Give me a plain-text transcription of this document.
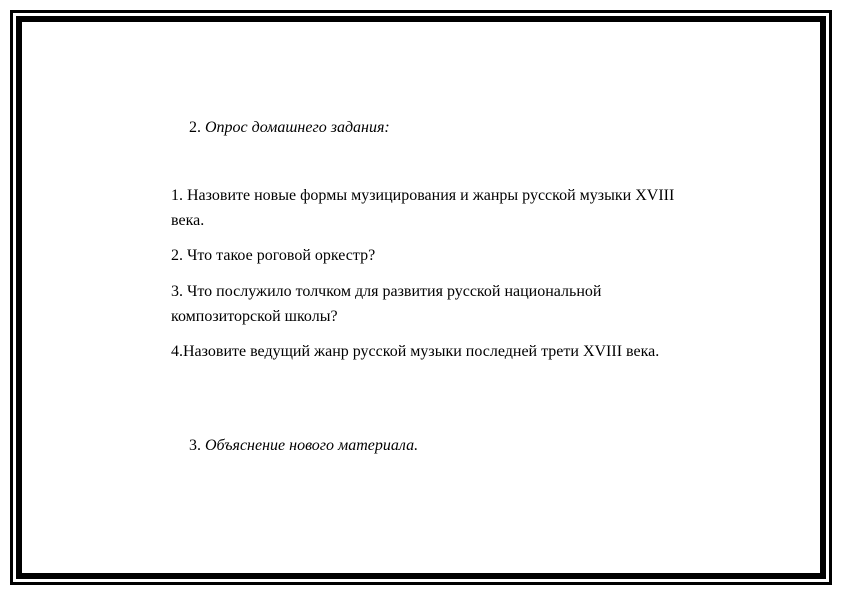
2. Опрос домашнего задания:
1. Назовите новые формы музицирования и жанры русской музыки XVIII века.
2. Что такое роговой оркестр?
3. Что послужило толчком для развития русской национальной композиторской школы?
4.Назовите ведущий жанр русской музыки последней трети XVIII века.
3. Объяснение нового материала.
